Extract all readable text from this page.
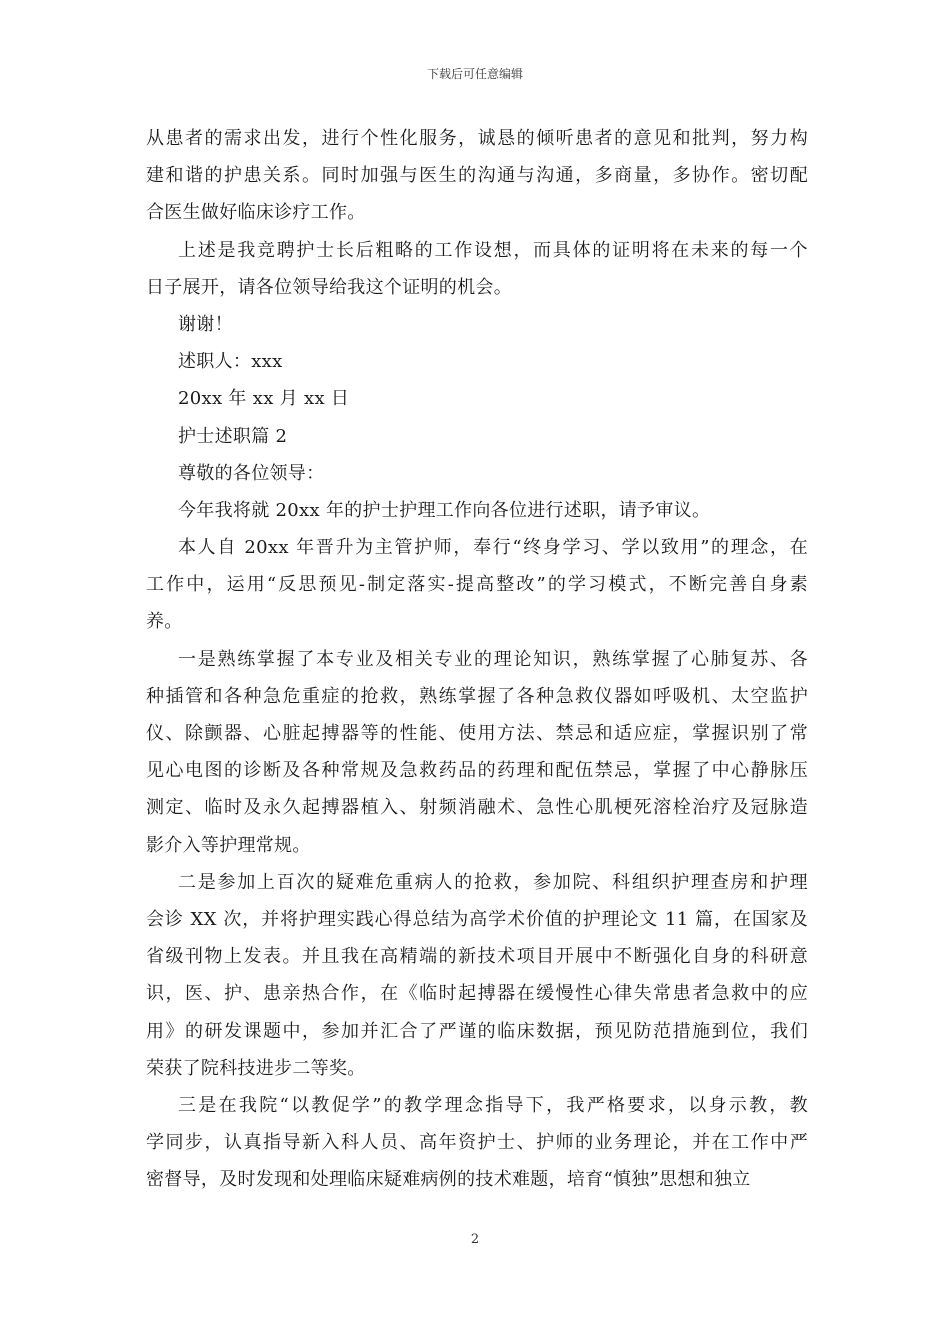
下载后可任意编辑
从患者的需求出发，进行个性化服务，诚恳的倾听患者的意见和批判，努力构
建和谐的护患关系。同时加强与医生的沟通与沟通，多商量，多协作。密切配
合医生做好临床诊疗工作。
上述是我竞聘护士长后粗略的工作设想，而具体的证明将在未来的每一个
日子展开，请各位领导给我这个证明的机会。
谢谢！
述职人：xxx
20xx 年 xx 月 xx 日
护士述职篇 2
尊敬的各位领导：
今年我将就 20xx 年的护士护理工作向各位进行述职，请予审议。
本人自 20xx 年晋升为主管护师，奉行“终身学习、学以致用”的理念，在
工作中，运用“反思预见-制定落实-提高整改”的学习模式，不断完善自身素
养。
一是熟练掌握了本专业及相关专业的理论知识，熟练掌握了心肺复苏、各
种插管和各种急危重症的抢救，熟练掌握了各种急救仪器如呼吸机、太空监护
仪、除颤器、心脏起搏器等的性能、使用方法、禁忌和适应症，掌握识别了常
见心电图的诊断及各种常规及急救药品的药理和配伍禁忌，掌握了中心静脉压
测定、临时及永久起搏器植入、射频消融术、急性心肌梗死溶栓治疗及冠脉造
影介入等护理常规。
二是参加上百次的疑难危重病人的抢救，参加院、科组织护理查房和护理
会诊 XX 次，并将护理实践心得总结为高学术价值的护理论文 11 篇，在国家及
省级刊物上发表。并且我在高精端的新技术项目开展中不断强化自身的科研意
识，医、护、患亲热合作，在《临时起搏器在缓慢性心律失常患者急救中的应
用》的研发课题中，参加并汇合了严谨的临床数据，预见防范措施到位，我们
荣获了院科技进步二等奖。
三是在我院“以教促学”的教学理念指导下，我严格要求，以身示教，教
学同步，认真指导新入科人员、高年资护士、护师的业务理论，并在工作中严
密督导，及时发现和处理临床疑难病例的技术难题，培育“慎独”思想和独立
2
